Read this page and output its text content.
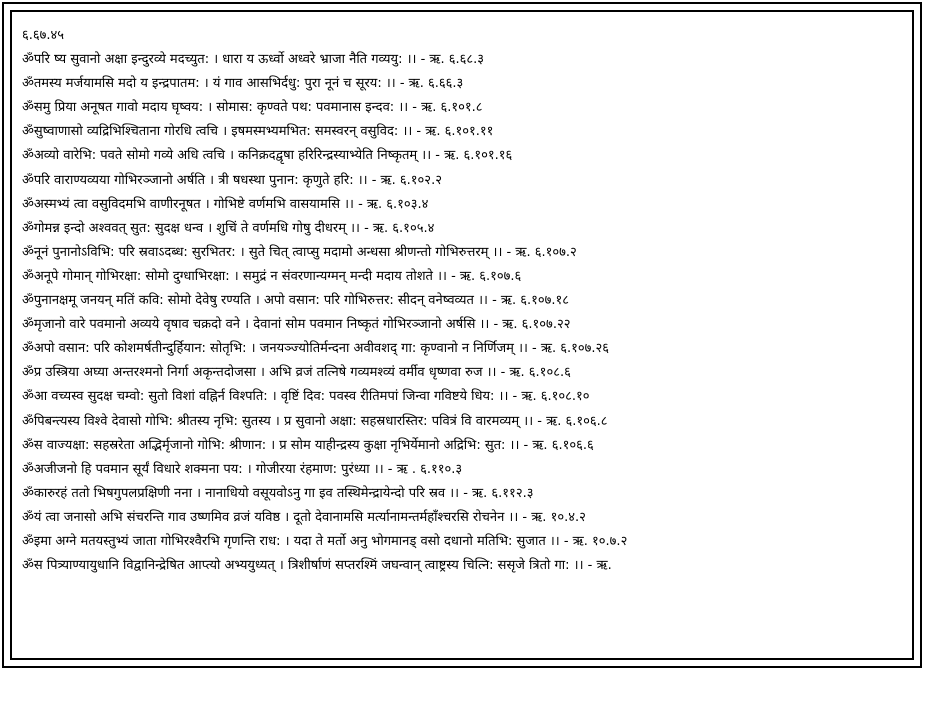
६.६७.४५
ॐपरि ष्य सुवानो अक्षा इन्दुरव्ये मदच्युत: । धारा य ऊर्ध्वो अध्वरे भ्राजा नैति गव्ययु: ।। - ऋ. ६.६८.३
ॐतमस्य मर्जयामसि मदो य इन्द्रपातम: । यं गाव आसभिर्दधु: पुरा नूनं च सूरय: ।। - ऋ. ६.६६.३
ॐसमु प्रिया अनूषत गावो मदाय घृष्वय: । सोमास: कृण्वते पथ: पवमानास इन्दव: ।। - ऋ. ६.१०१.८
ॐसुष्वाणासो व्यद्रिभिश्चिताना गोरधि त्वचि । इषमस्मभ्यमभित: समस्वरन् वसुविद: ।। - ऋ. ६.१०१.११
ॐअव्यो वारेभि: पवते सोमो गव्ये अधि त्वचि । कनिक्रदद्वृषा हरिरिन्द्रस्याभ्येति निष्कृतम् ।। - ऋ. ६.१०१.१६
ॐपरि वाराण्यव्यया गोभिरञ्जानो अर्षति । त्री षधस्था पुनान: कृणुते हरि: ।। - ऋ. ६.१०२.२
ॐअस्मभ्यं त्वा वसुविदमभि वाणीरनूषत । गोभिष्टे वर्णमभि वासयामसि ।। - ऋ. ६.१०३.४
ॐगोमन्न इन्दो अश्ववत् सुत: सुदक्ष धन्व । शुचिं ते वर्णमधि गोषु दीधरम् ।। - ऋ. ६.१०५.४
ॐनूनं पुनानोऽविभि: परि स्रवाऽदब्ध: सुरभितर: । सुते चित् त्वाप्सु मदामो अन्धसा श्रीणन्तो गोभिरुत्तरम् ।। - ऋ. ६.१०७.२
ॐअनूपे गोमान् गोभिरक्षा: सोमो दुग्धाभिरक्षा: । समुद्रं न संवरणान्यग्मन् मन्दी मदाय तोशते ।। - ऋ. ६.१०७.६
ॐपुनानक्षमू जनयन् मतिं कवि: सोमो देवेषु रण्यति । अपो वसान: परि गोभिरुत्तर: सीदन् वनेष्वव्यत ।। - ऋ. ६.१०७.१८
ॐमृजानो वारे पवमानो अव्यये वृषाव चक्रदो वने । देवानां सोम पवमान निष्कृतं गोभिरञ्जानो अर्षसि ।। - ऋ. ६.१०७.२२
ॐअपो वसान: परि कोशमर्षतीन्दुर्हियान: सोतृभि: । जनयञ्ज्योतिर्मन्दना अवीवशद् गा: कृण्वानो न निर्णिजम् ।। - ऋ. ६.१०७.२६
ॐप्र उस्त्रिया अघ्या अन्तरश्मनो निर्गा अकृन्तदोजसा । अभि व्रजं तत्निषे गव्यमश्व्यं वर्मीव धृष्णवा रुज ।। - ऋ. ६.१०८.६
ॐआ वच्यस्व सुदक्ष चम्वो: सुतो विशां वह्निर्न विश्पति: । वृष्टिं दिव: पवस्व रीतिमपां जिन्वा गविष्टये धिय: ।। - ऋ. ६.१०८.१०
ॐपिबन्त्यस्य विश्वे देवासो गोभि: श्रीतस्य नृभि: सुतस्य । प्र सुवानो अक्षा: सहस्रधारस्तिर: पवित्रं वि वारमव्यम् ।। - ऋ. ६.१०६.८
ॐस वाज्यक्षा: सहस्ररेता अद्भिर्मृजानो गोभि: श्रीणान: । प्र सोम याहीन्द्रस्य कुक्षा नृभिर्येमानो अद्रिभि: सुत: ।। - ऋ. ६.१०६.६
ॐअजीजनो हि पवमान सूर्यं विधारे शक्मना पय: । गोजीरया रंहमाण: पुरंध्या ।। - ऋ . ६.११०.३
ॐकारुरहं ततो भिषगुपलप्रक्षिणी नना । नानाधियो वसूयवोऽनु गा इव तस्थिमेन्द्रायेन्दो परि स्रव ।। - ऋ. ६.११२.३
ॐयं त्वा जनासो अभि संचरन्ति गाव उष्णमिव व्रजं यविष्ठ । दूतो देवानामसि मर्त्यानामन्तर्महाँश्चरसि रोचनेन ।। - ऋ. १०.४.२
ॐइमा अग्ने मतयस्तुभ्यं जाता गोभिरश्वैरभि गृणन्ति राध: । यदा ते मर्तो अनु भोगमानड् वसो दधानो मतिभि: सुजात ।। - ऋ. १०.७.२
ॐस पित्र्याण्यायुधानि विद्वानिन्द्रेषित आप्त्यो अभ्ययुध्यत् । त्रिशीर्षाणं सप्तरश्मिं जघन्वान् त्वाष्ट्रस्य चित्नि: ससृजे त्रितो गा: ।। - ऋ.
